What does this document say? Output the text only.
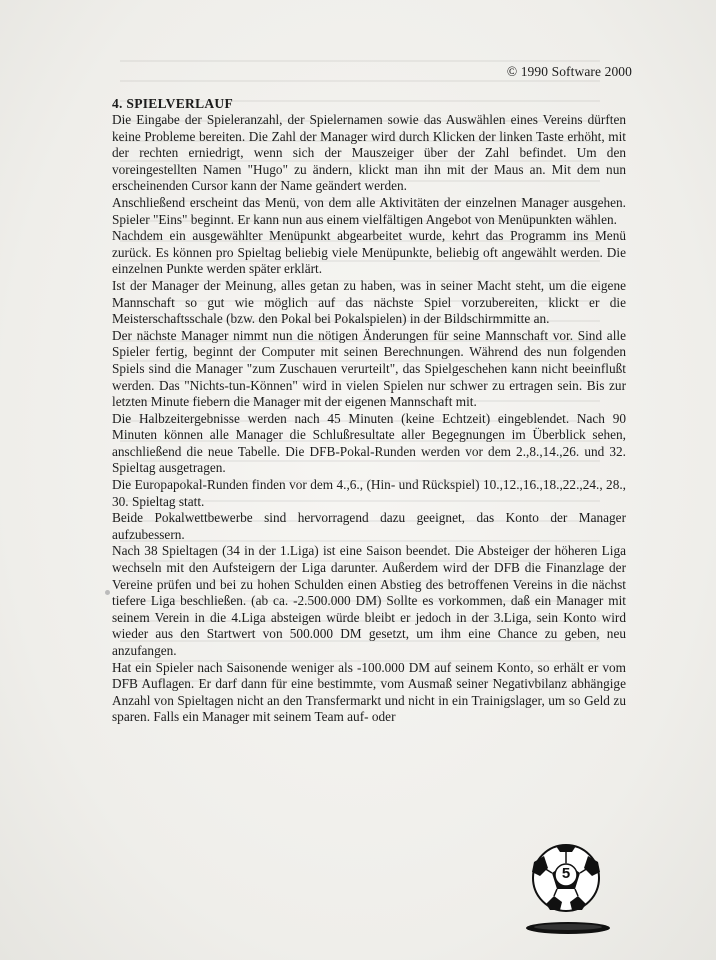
© 1990 Software 2000
4. SPIELVERLAUF

Die Eingabe der Spieleranzahl, der Spielernamen sowie das Auswählen eines Vereins dürften keine Probleme bereiten. Die Zahl der Manager wird durch Klicken der linken Taste erhöht, mit der rechten erniedrigt, wenn sich der Mauszeiger über der Zahl befindet. Um den voreingestellten Namen "Hugo" zu ändern, klickt man ihn mit der Maus an. Mit dem nun erscheinenden Cursor kann der Name geändert werden.

Anschließend erscheint das Menü, von dem alle Aktivitäten der einzelnen Manager ausgehen. Spieler "Eins" beginnt. Er kann nun aus einem vielfältigen Angebot von Menüpunkten wählen.

Nachdem ein ausgewählter Menüpunkt abgearbeitet wurde, kehrt das Programm ins Menü zurück. Es können pro Spieltag beliebig viele Menüpunkte, beliebig oft angewählt werden. Die einzelnen Punkte werden später erklärt.

Ist der Manager der Meinung, alles getan zu haben, was in seiner Macht steht, um die eigene Mannschaft so gut wie möglich auf das nächste Spiel vorzubereiten, klickt er die Meisterschaftsschale (bzw. den Pokal bei Pokalspielen) in der Bildschirmmitte an.

Der nächste Manager nimmt nun die nötigen Änderungen für seine Mannschaft vor. Sind alle Spieler fertig, beginnt der Computer mit seinen Berechnungen. Während des nun folgenden Spiels sind die Manager "zum Zuschauen verurteilt", das Spielgeschehen kann nicht beeinflußt werden. Das "Nichts-tun-Können" wird in vielen Spielen nur schwer zu ertragen sein. Bis zur letzten Minute fiebern die Manager mit der eigenen Mannschaft mit.

Die Halbzeitergebnisse werden nach 45 Minuten (keine Echtzeit) eingeblendet. Nach 90 Minuten können alle Manager die Schlußresultate aller Begegnungen im Überblick sehen, anschließend die neue Tabelle. Die DFB-Pokal-Runden werden vor dem 2.,8.,14.,26. und 32. Spieltag ausgetragen.

Die Europapokal-Runden finden vor dem 4.,6., (Hin- und Rückspiel) 10.,12.,16.,18.,22.,24., 28., 30. Spieltag statt.

Beide Pokalwettbewerbe sind hervorragend dazu geeignet, das Konto der Manager aufzubessern.

Nach 38 Spieltagen (34 in der 1.Liga) ist eine Saison beendet. Die Absteiger der höheren Liga wechseln mit den Aufsteigern der Liga darunter. Außerdem wird der DFB die Finanzlage der Vereine prüfen und bei zu hohen Schulden einen Abstieg des betroffenen Vereins in die nächst tiefere Liga beschließen. (ab ca. -2.500.000 DM) Sollte es vorkommen, daß ein Manager mit seinem Verein in die 4.Liga absteigen würde bleibt er jedoch in der 3.Liga, sein Konto wird wieder aus den Startwert von 500.000 DM gesetzt, um ihm eine Chance zu geben, neu anzufangen.

Hat ein Spieler nach Saisonende weniger als -100.000 DM auf seinem Konto, so erhält er vom DFB Auflagen. Er darf dann für eine bestimmte, vom Ausmaß seiner Negativbilanz abhängige Anzahl von Spieltagen nicht an den Transfermarkt und nicht in ein Trainigslager, um so Geld zu sparen. Falls ein Manager mit seinem Team auf- oder

5
